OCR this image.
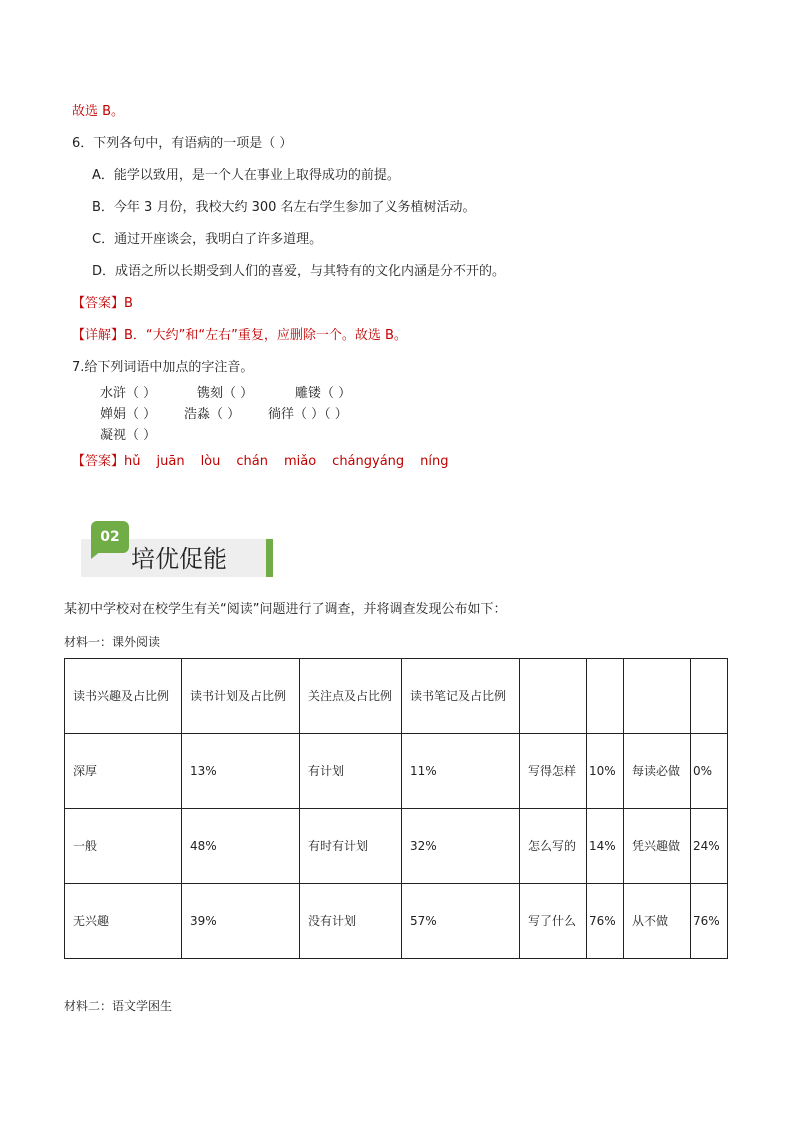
故选 B。
6．下列各句中，有语病的一项是（ ）
A．能学以致用，是一个人在事业上取得成功的前提。
B．今年 3 月份，我校大约 300 名左右学生参加了义务植树活动。
C．通过开座谈会，我明白了许多道理。
D．成语之所以长期受到人们的喜爱，与其特有的文化内涵是分不开的。
【答案】B
【详解】B．“大约”和“左右”重复，应删除一个。故选 B。
7.给下列词语中加点的字注音。
水浒（ ）	镌刻（ ）	雕镂（ ）
婵娟（ ） 浩淼（ ） 徜徉（ ）（ ）
凝视（ ）
【答案】hǔ juān lòu chán miǎo chángyáng níng
02
培优促能
某初中学校对在校学生有关“阅读”问题进行了调查，并将调查发现公布如下：
材料一：课外阅读
读书兴趣及占比例	读书计划及占比例	关注点及占比例	读书笔记及占比例				
深厚	13%	有计划	11%	写得怎样	10%	每读必做	0%
一般	48%	有时有计划	32%	怎么写的	14%	凭兴趣做	24%
无兴趣	39%	没有计划	57%	写了什么	76%	从不做	76%
材料二：语文学困生
